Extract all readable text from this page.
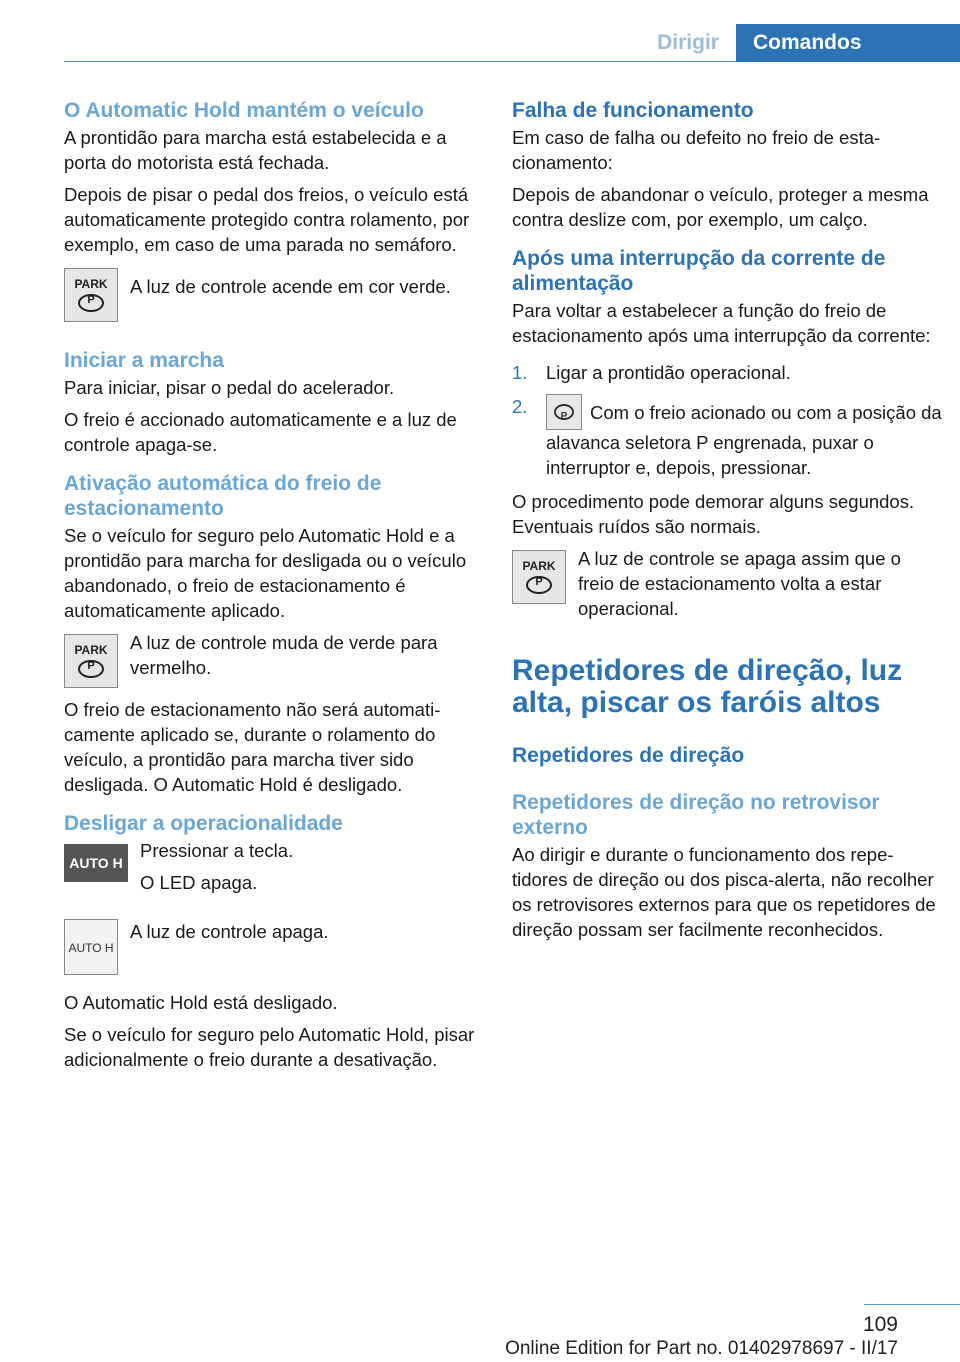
Dirigir	Comandos
O Automatic Hold mantém o veículo

A prontidão para marcha está estabelecida e a porta do motorista está fechada.

Depois de pisar o pedal dos freios, o veículo está automaticamente protegido contra rolamento, por exemplo, em caso de uma parada no semáforo.

PARK
P	A luz de controle acende em cor verde.

Iniciar a marcha

Para iniciar, pisar o pedal do acelerador.

O freio é accionado automaticamente e a luz de controle apaga-se.

Ativação automática do freio de estacionamento

Se o veículo for seguro pelo Automatic Hold e a prontidão para marcha for desligada ou o veículo abandonado, o freio de estacionamento é automaticamente aplicado.

PARK
P	A luz de controle muda de verde para vermelho.

O freio de estacionamento não será automaticamente aplicado se, durante o rolamento do veículo, a prontidão para marcha tiver sido desligada. O Automatic Hold é desligado.

Desligar a operacionalidade
AUTO H

Pressionar a tecla.

O LED apaga.

AUTO H

A luz de controle apaga.

O Automatic Hold está desligado.

Se o veículo for seguro pelo Automatic Hold, pisar adicionalmente o freio durante a desativação.

Falha de funcionamento

Em caso de falha ou defeito no freio de estacionamento:

Depois de abandonar o veículo, proteger a mesma contra deslize com, por exemplo, um calço.

Após uma interrupção da corrente de alimentação

Para voltar a estabelecer a função do freio de estacionamento após uma interrupção da corrente:

1. Ligar a prontidão operacional.
2.
P	Com o freio acionado ou com a posição da alavanca seletora P engrenada, puxar o interruptor e, depois, pressionar.

O procedimento pode demorar alguns segundos. Eventuais ruídos são normais.

PARK
P	A luz de controle se apaga assim que o freio de estacionamento volta a estar operacional.

Repetidores de direção, luz alta, piscar os faróis altos
Repetidores de direção
Repetidores de direção no retrovisor externo

Ao dirigir e durante o funcionamento dos repetidores de direção ou dos pisca-alerta, não recolher os retrovisores externos para que os repetidores de direção possam ser facilmente reconhecidos.

109
Online Edition for Part no. 01402978697 - II/17
